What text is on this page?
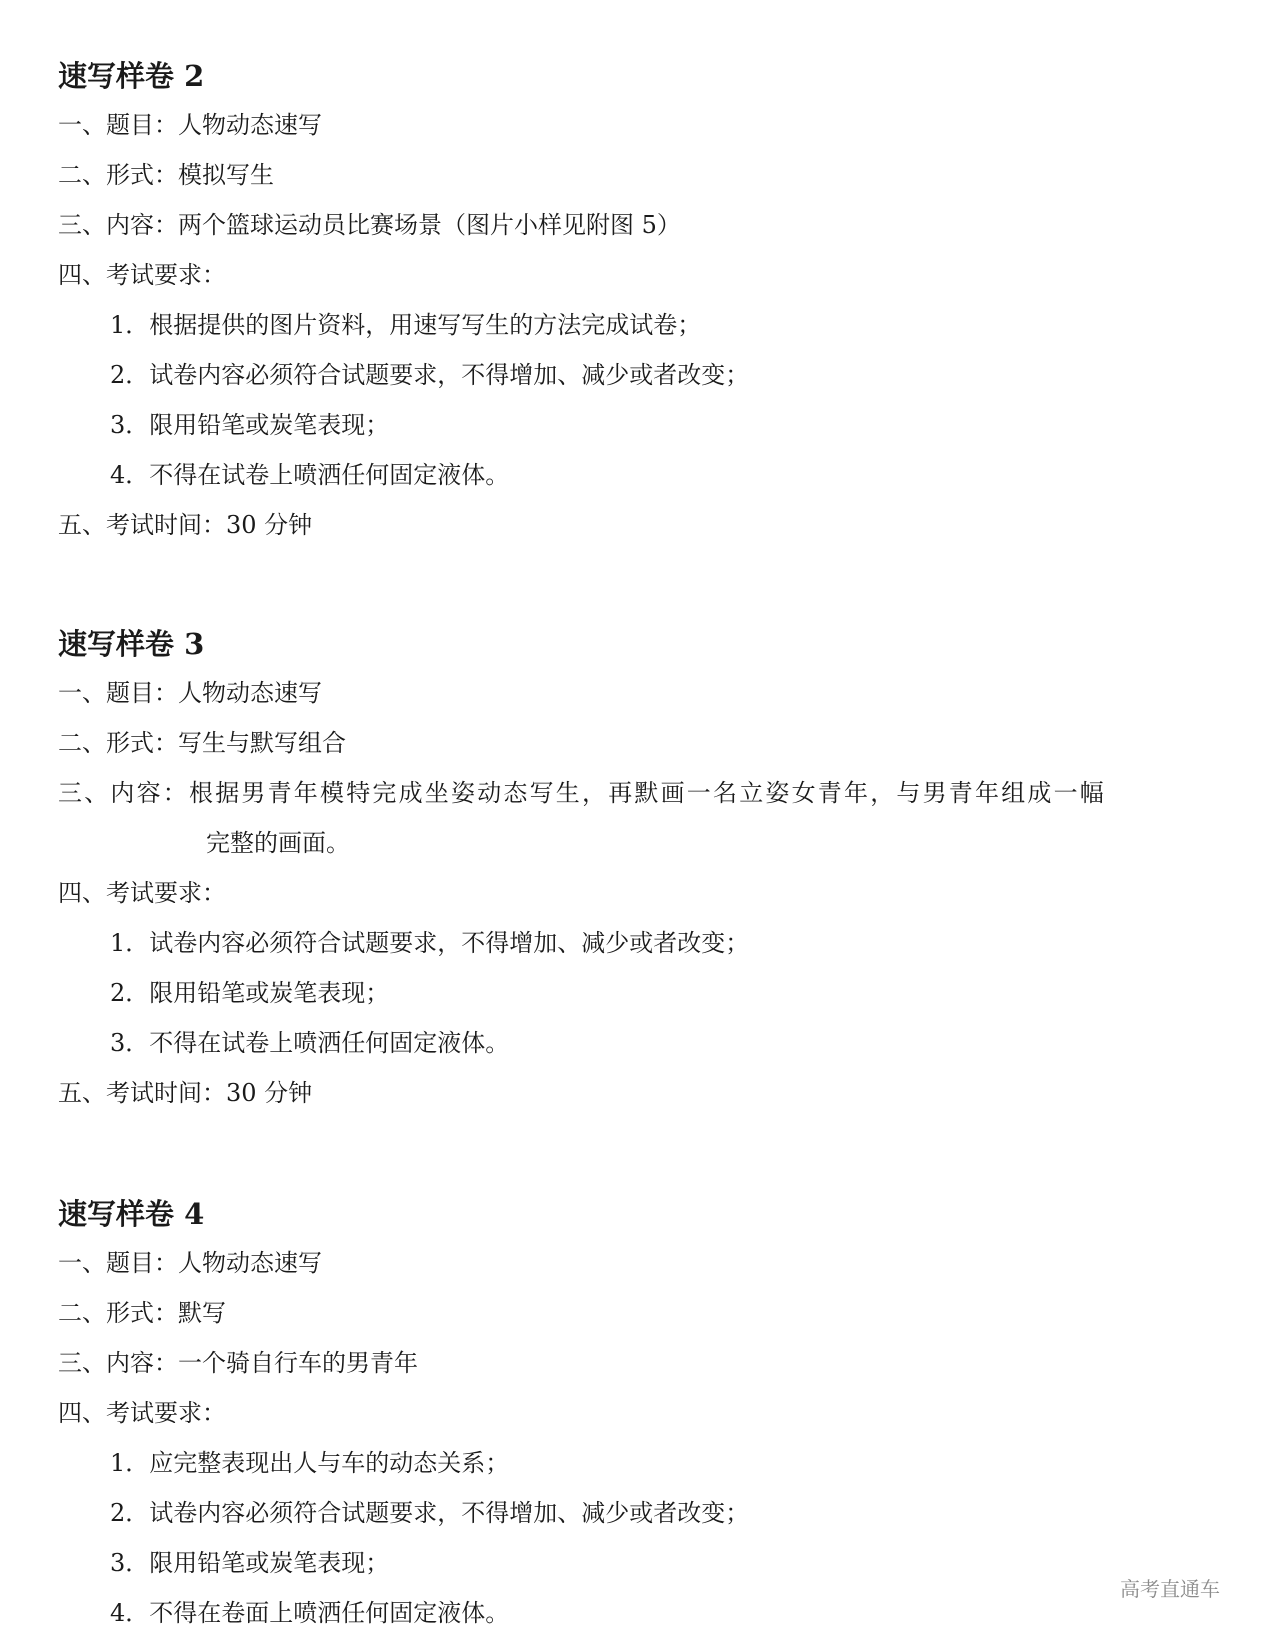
速写样卷 2
一、题目：人物动态速写
二、形式：模拟写生
三、内容：两个篮球运动员比赛场景（图片小样见附图 5）
四、考试要求：
1．根据提供的图片资料，用速写写生的方法完成试卷；
2．试卷内容必须符合试题要求，不得增加、减少或者改变；
3．限用铅笔或炭笔表现；
4．不得在试卷上喷洒任何固定液体。
五、考试时间：30 分钟
速写样卷 3
一、题目：人物动态速写
二、形式：写生与默写组合
三、内容：根据男青年模特完成坐姿动态写生，再默画一名立姿女青年，与男青年组成一幅
完整的画面。
四、考试要求：
1．试卷内容必须符合试题要求，不得增加、减少或者改变；
2．限用铅笔或炭笔表现；
3．不得在试卷上喷洒任何固定液体。
五、考试时间：30 分钟
速写样卷 4
一、题目：人物动态速写
二、形式：默写
三、内容：一个骑自行车的男青年
四、考试要求：
1．应完整表现出人与车的动态关系；
2．试卷内容必须符合试题要求，不得增加、减少或者改变；
3．限用铅笔或炭笔表现；
4．不得在卷面上喷洒任何固定液体。
高考直通车
